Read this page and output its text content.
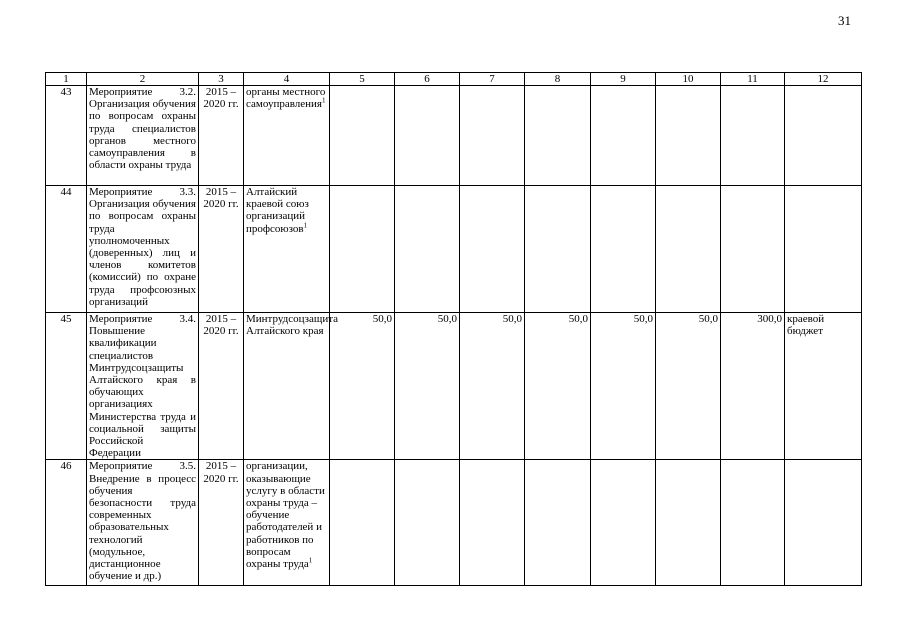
31
1	2	3	4	5	6	7	8	9	10	11	12
43	Мероприятие 3.2. Организация обучения по вопросам охраны труда специалистов органов местного самоуправления в области охраны труда	2015 – 2020 гг.	органы местного самоуправления$^1$								
44	Мероприятие 3.3. Организация обучения по вопросам охраны труда уполномоченных (доверенных) лиц и членов комитетов (комиссий) по охране труда профсоюзных организаций	2015 – 2020 гг.	Алтайский краевой союз организаций профсоюзов$^1$								
45	Мероприятие 3.4. Повышение квалификации специалистов Минтрудсоцзащиты Алтайского края в обучающих организациях Министерства труда и социальной защиты Российской Федерации	2015 – 2020 гг.	Минтрудсоцзащита Алтайского края	50,0	50,0	50,0	50,0	50,0	50,0	300,0	краевой бюджет
46	Мероприятие 3.5. Внедрение в процесс обучения безопасности труда современных образовательных технологий (модульное, дистанционное обучение и др.)	2015 – 2020 гг.	организации, оказывающие услугу в области охраны труда – обучение работодателей и работников по вопросам охраны труда$^1$								
